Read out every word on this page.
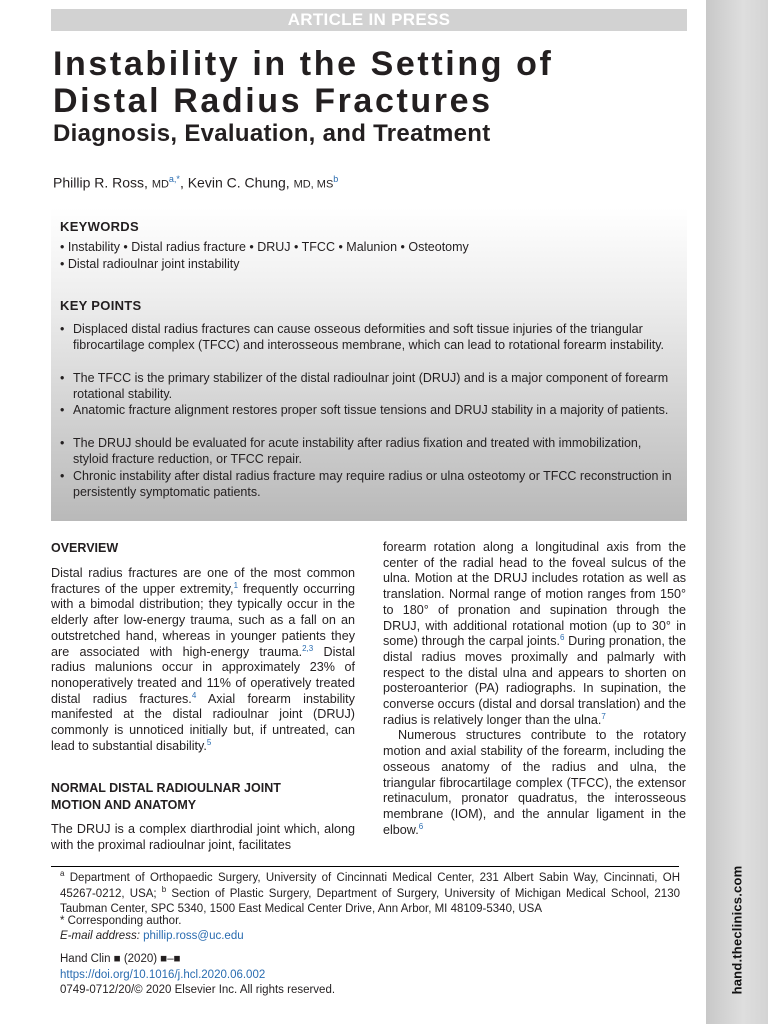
hand.theclinics.com
ARTICLE IN PRESS
Instability in the Setting of
Distal Radius Fractures
Diagnosis, Evaluation, and Treatment
Phillip R. Ross, $MD^{a,*}$, Kevin C. Chung, MD, $MS^b$
KEYWORDS
• Instability • Distal radius fracture • DRUJ • TFCC • Malunion • Osteotomy
• Distal radioulnar joint instability
KEY POINTS
• Displaced distal radius fractures can cause osseous deformities and soft tissue injuries of the triangular fibrocartilage complex (TFCC) and interosseous membrane, which can lead to rotational forearm instability.
• The TFCC is the primary stabilizer of the distal radioulnar joint (DRUJ) and is a major component of forearm rotational stability.
• Anatomic fracture alignment restores proper soft tissue tensions and DRUJ stability in a majority of patients.
• The DRUJ should be evaluated for acute instability after radius fixation and treated with immobilization, styloid fracture reduction, or TFCC repair.
• Chronic instability after distal radius fracture may require radius or ulna osteotomy or TFCC reconstruction in persistently symptomatic patients.
OVERVIEW

Distal radius fractures are one of the most common fractures of the upper extremity,$^1$ frequently occurring with a bimodal distribution; they typically occur in the elderly after low-energy trauma, such as a fall on an outstretched hand, whereas in younger patients they are associated with high-energy trauma.$^{2,3}$ Distal radius malunions occur in approximately 23% of nonoperatively treated and 11% of operatively treated distal radius fractures.$^4$ Axial forearm instability manifested at the distal radioulnar joint (DRUJ) commonly is unnoticed initially but, if untreated, can lead to substantial disability.$^5$

NORMAL DISTAL RADIOULNAR JOINT
MOTION AND ANATOMY

The DRUJ is a complex diarthrodial joint which, along with the proximal radioulnar joint, facilitates

forearm rotation along a longitudinal axis from the center of the radial head to the foveal sulcus of the ulna. Motion at the DRUJ includes rotation as well as translation. Normal range of motion ranges from 150° to 180° of pronation and supination through the DRUJ, with additional rotational motion (up to 30° in some) through the carpal joints.$^6$ During pronation, the distal radius moves proximally and palmarly with respect to the distal ulna and appears to shorten on posteroanterior (PA) radiographs. In supination, the converse occurs (distal and dorsal translation) and the radius is relatively longer than the ulna.$^7$

Numerous structures contribute to the rotatory motion and axial stability of the forearm, including the osseous anatomy of the radius and ulna, the triangular fibrocartilage complex (TFCC), the extensor retinaculum, pronator quadratus, the interosseous membrane (IOM), and the annular ligament in the elbow.$^6$

$^a$ Department of Orthopaedic Surgery, University of Cincinnati Medical Center, 231 Albert Sabin Way, Cincinnati, OH 45267-0212, USA; $^b$ Section of Plastic Surgery, Department of Surgery, University of Michigan Medical School, 2130 Taubman Center, SPC 5340, 1500 East Medical Center Drive, Ann Arbor, MI 48109-5340, USA
* Corresponding author.
E-mail address: phillip.ross@uc.edu
Hand Clin ■ (2020) ■–■
https://doi.org/10.1016/j.hcl.2020.06.002
0749-0712/20/© 2020 Elsevier Inc. All rights reserved.
